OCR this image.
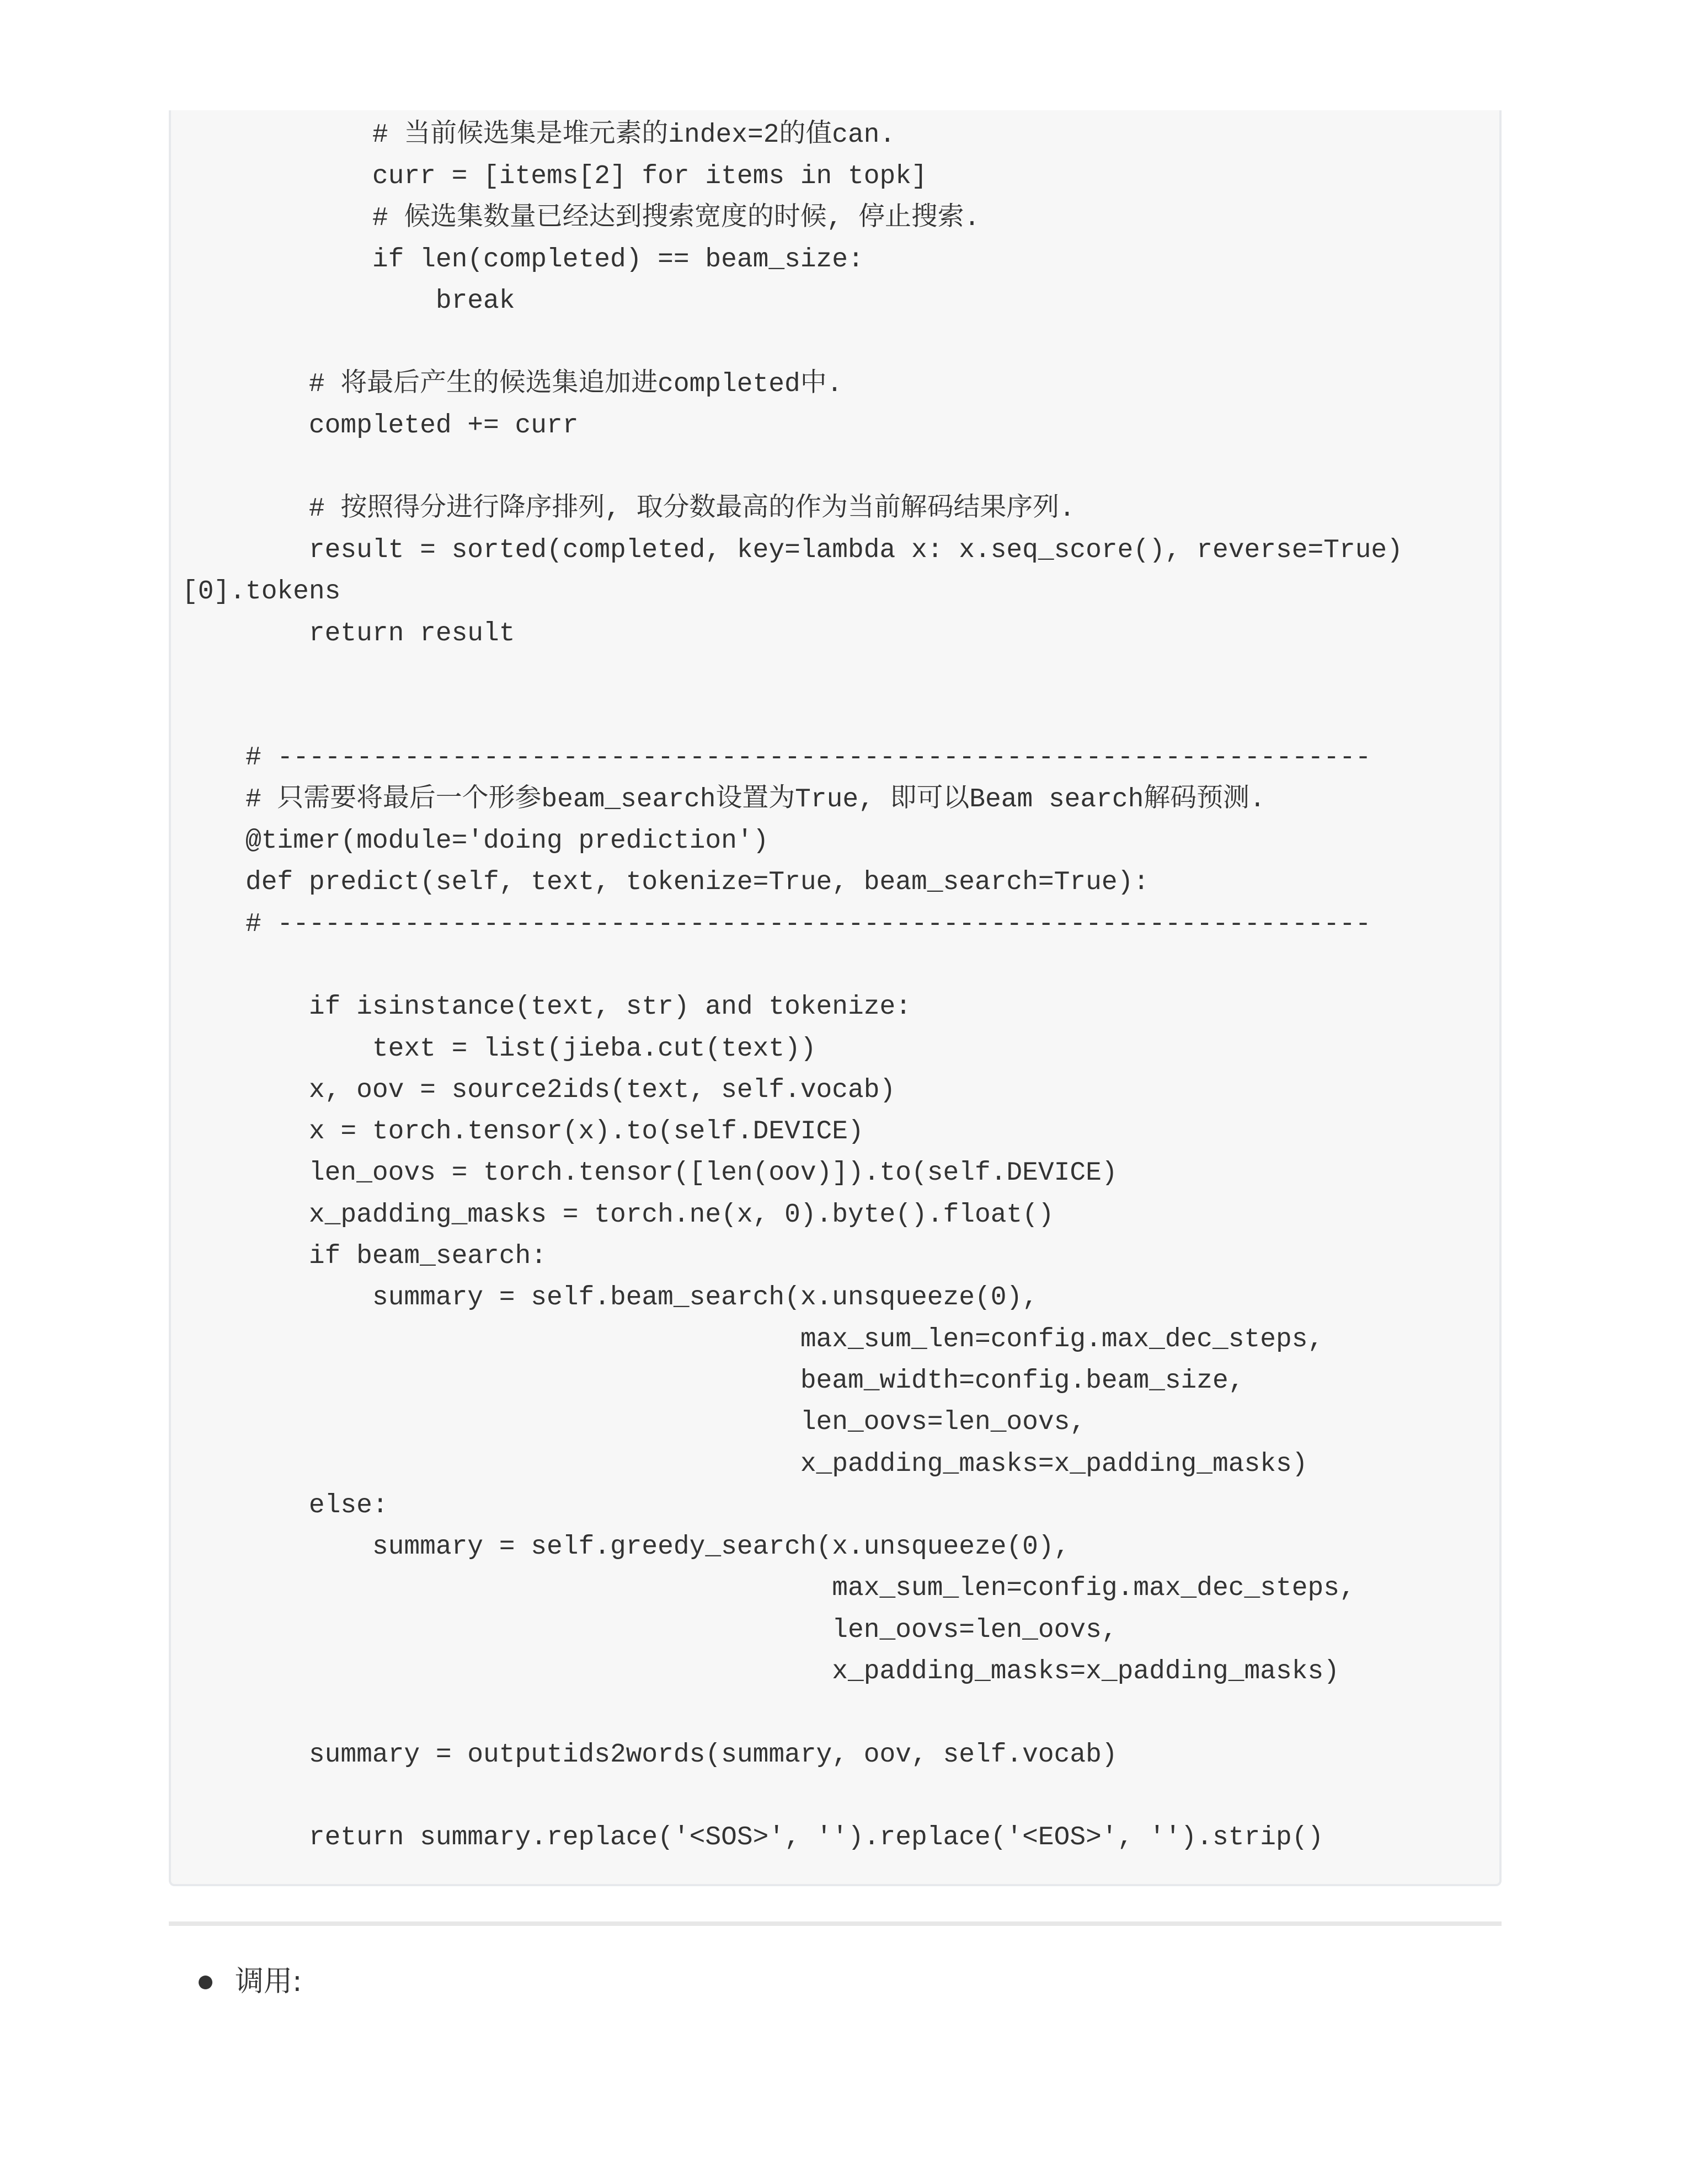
# 当前候选集是堆元素的index=2的值can.
curr = [items[2] for items in topk]
# 候选集数量已经达到搜索宽度的时候, 停止搜索.
if len(completed) == beam_size:
break
# 将最后产生的候选集追加进completed中.
completed += curr
# 按照得分进行降序排列, 取分数最高的作为当前解码结果序列.
result = sorted(completed, key=lambda x: x.seq_score(), reverse=True)
[0].tokens
return result
# ---------------------------------------------------------------------
# 只需要将最后一个形参beam_search设置为True, 即可以Beam search解码预测.
@timer(module='doing prediction')
def predict(self, text, tokenize=True, beam_search=True):
# ---------------------------------------------------------------------
if isinstance(text, str) and tokenize:
text = list(jieba.cut(text))
x, oov = source2ids(text, self.vocab)
x = torch.tensor(x).to(self.DEVICE)
len_oovs = torch.tensor([len(oov)]).to(self.DEVICE)
x_padding_masks = torch.ne(x, 0).byte().float()
if beam_search:
summary = self.beam_search(x.unsqueeze(0),
max_sum_len=config.max_dec_steps,
beam_width=config.beam_size,
len_oovs=len_oovs,
x_padding_masks=x_padding_masks)
else:
summary = self.greedy_search(x.unsqueeze(0),
max_sum_len=config.max_dec_steps,
len_oovs=len_oovs,
x_padding_masks=x_padding_masks)
summary = outputids2words(summary, oov, self.vocab)
return summary.replace('<SOS>', '').replace('<EOS>', '').strip()
调用:
